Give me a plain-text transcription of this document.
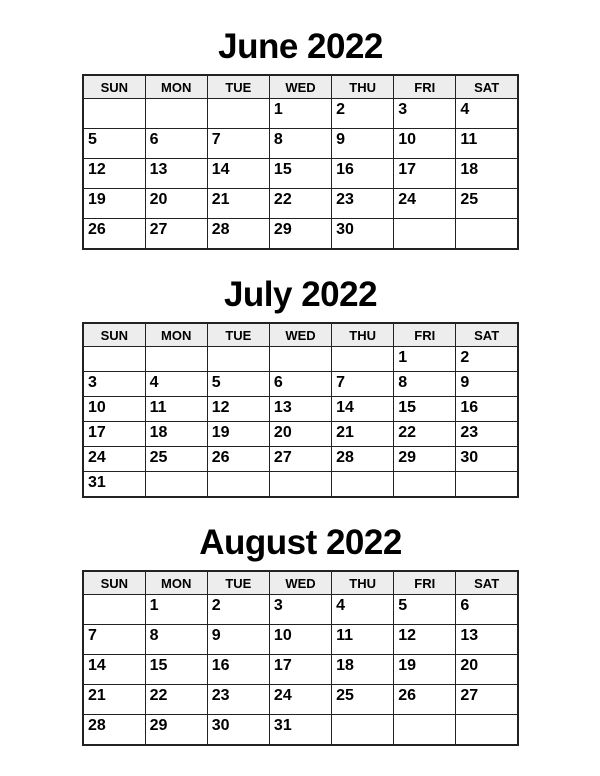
June 2022
SUN	MON	TUE	WED	THU	FRI	SAT

			1	2	3	4

5	6	7	8	9	10	11

12	13	14	15	16	17	18

19	20	21	22	23	24	25

26	27	28	29	30		

July 2022
SUN	MON	TUE	WED	THU	FRI	SAT

					1	2

3	4	5	6	7	8	9

10	11	12	13	14	15	16

17	18	19	20	21	22	23

24	25	26	27	28	29	30

31						

August 2022
SUN	MON	TUE	WED	THU	FRI	SAT

	1	2	3	4	5	6

7	8	9	10	11	12	13

14	15	16	17	18	19	20

21	22	23	24	25	26	27

28	29	30	31			
